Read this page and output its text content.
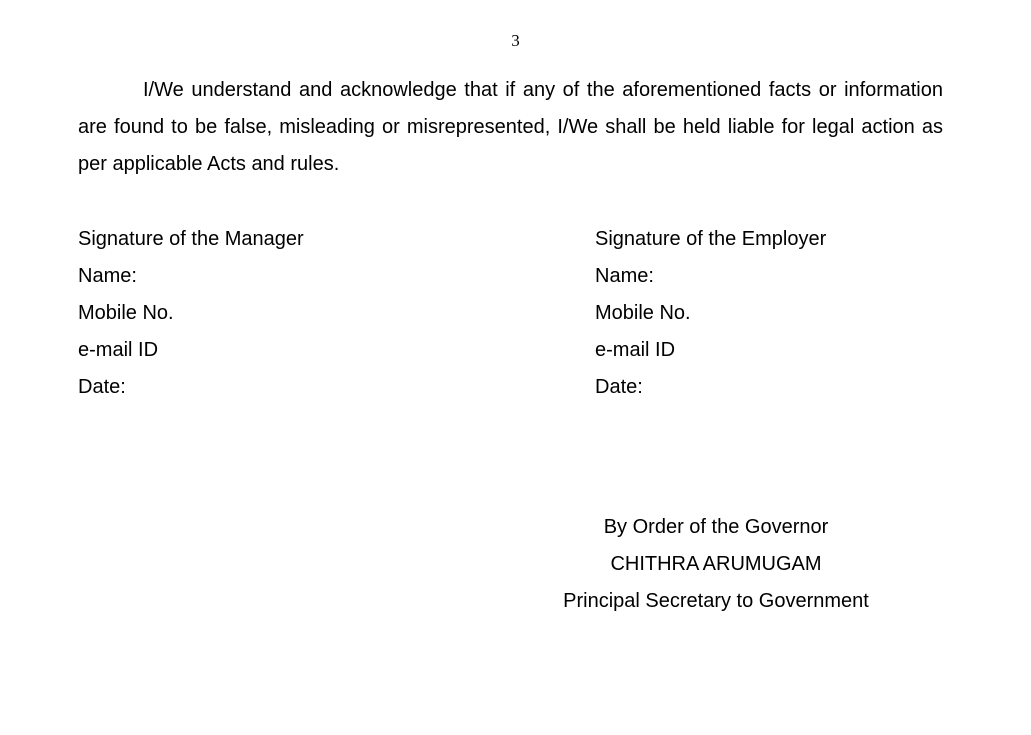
3

I/We understand and acknowledge that if any of the aforementioned facts or information are found to be false, misleading or misrepresented, I/We shall be held liable for legal action as per applicable Acts and rules.

Signature of the Manager
Name:
Mobile No.
e-mail ID
Date:
Signature of the Employer
Name:
Mobile No.
e-mail ID
Date:
By Order of the Governor
CHITHRA ARUMUGAM
Principal Secretary to Government
